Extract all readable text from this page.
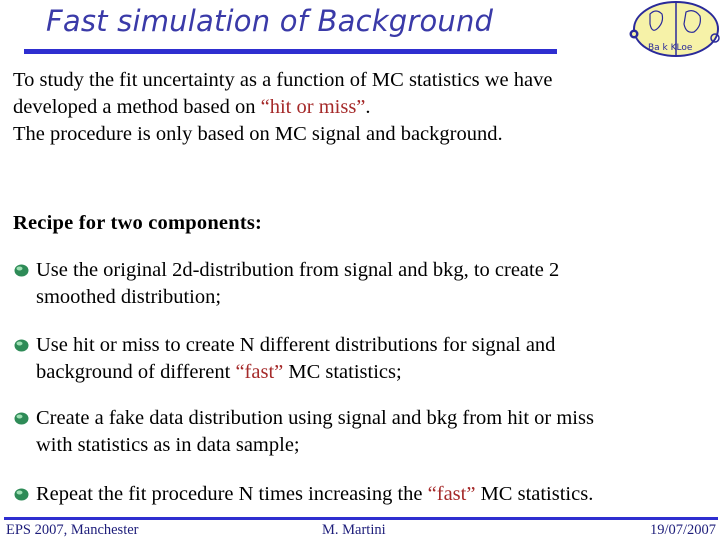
Fast simulation of Background
Ba k KLoe

To study the fit uncertainty as a function of MC statistics we have

developed a method based on “hit or miss”.

The procedure is only based on MC signal and background.

Recipe for two components:
Use the original 2d-distribution from signal and bkg, to create 2
smoothed distribution;
Use hit or miss to create N different distributions for signal and
background of different “fast” MC statistics;
Create a fake data distribution using signal and bkg from hit or miss
with statistics as in data sample;
Repeat the fit procedure N times increasing the “fast” MC statistics.
EPS 2007, Manchester	M. Martini	19/07/2007
